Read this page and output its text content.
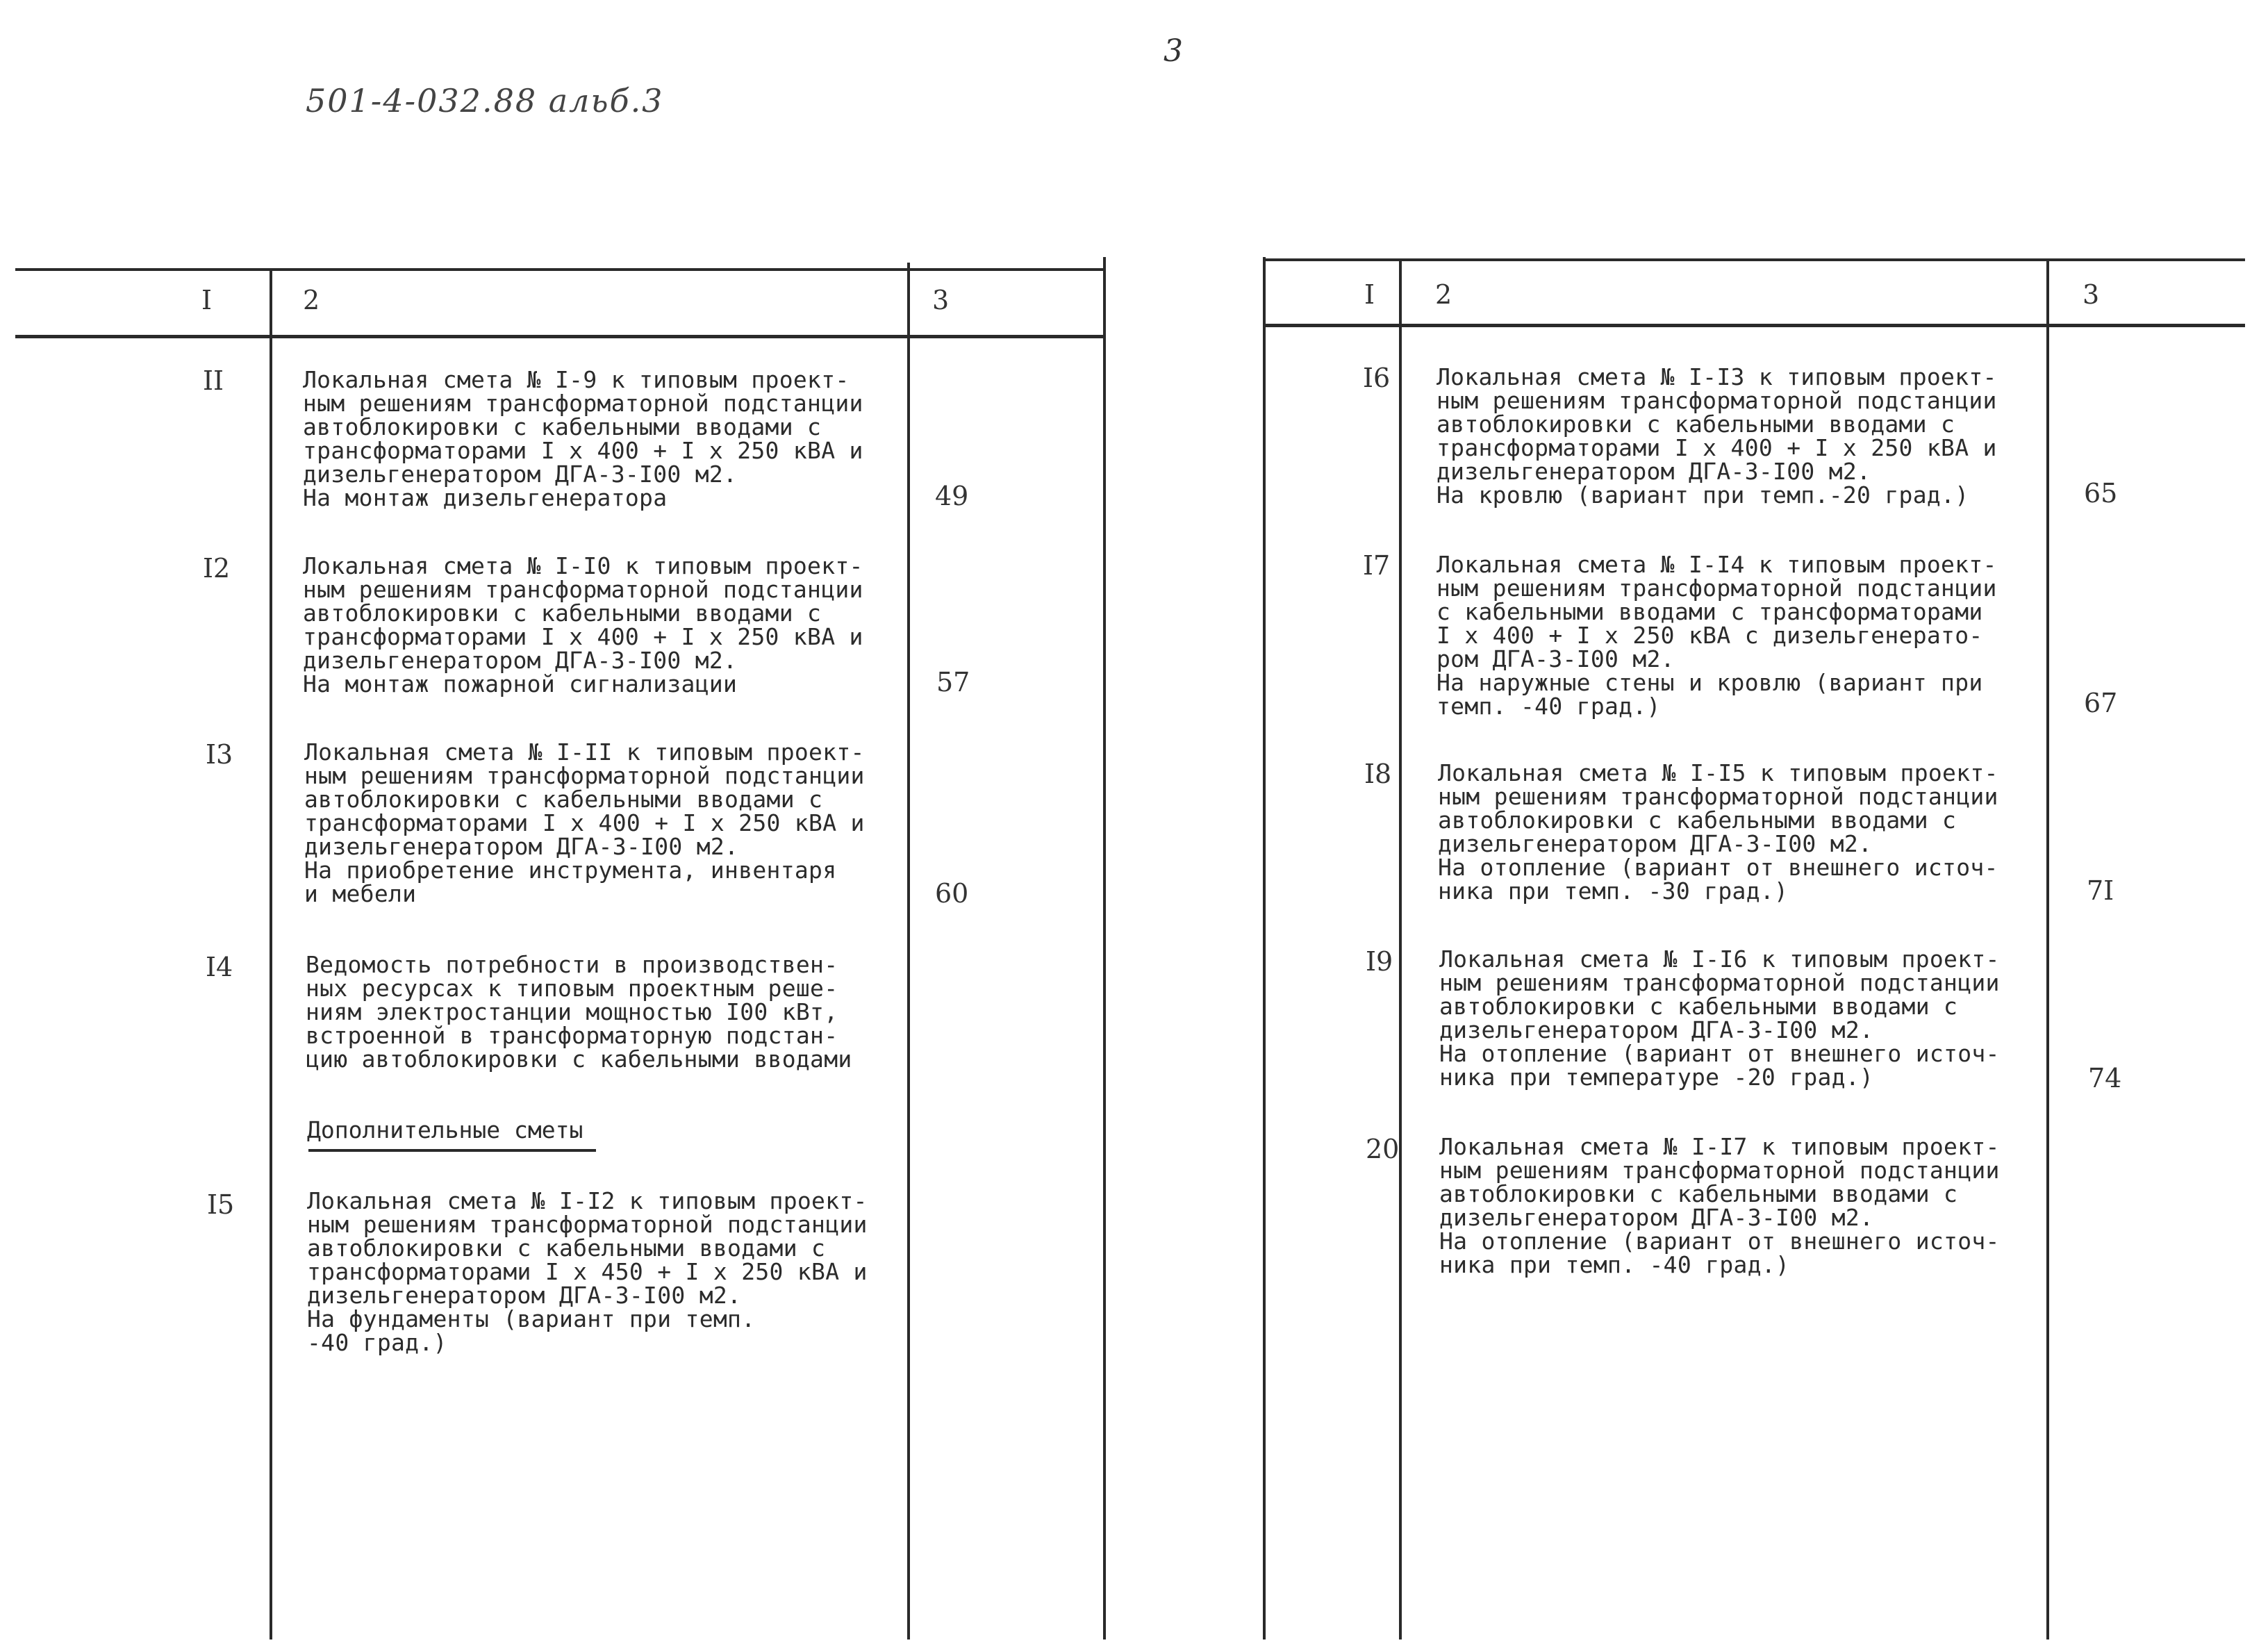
3
501-4-032.88 альб.3
I	2	3
II	Локальная смета № I-9 к типовым проект-
ным решениям трансформаторной подстанции
автоблокировки с кабельными вводами с
трансформаторами I х 400 + I х 250 кВА и
дизельгенератором ДГА-3-I00 м2.
На монтаж дизельгенератора	49
I2	Локальная смета № I-I0 к типовым проект-
ным решениям трансформаторной подстанции
автоблокировки с кабельными вводами с
трансформаторами I х 400 + I х 250 кВА и
дизельгенератором ДГА-3-I00 м2.
На монтаж пожарной сигнализации	57
I3	Локальная смета № I-II к типовым проект-
ным решениям трансформаторной подстанции
автоблокировки с кабельными вводами с
трансформаторами I х 400 + I х 250 кВА и
дизельгенератором ДГА-3-I00 м2.
На приобретение инструмента, инвентаря
и мебели	60
I4	Ведомость потребности в производствен-
ных ресурсах к типовым проектным реше-
ниям электростанции мощностью I00 кВт,
встроенной в трансформаторную подстан-
цию автоблокировки с кабельными вводами
Дополнительные сметы
I5	Локальная смета № I-I2 к типовым проект-
ным решениям трансформаторной подстанции
автоблокировки с кабельными вводами с
трансформаторами I х 450 + I х 250 кВА и
дизельгенератором ДГА-3-I00 м2.
На фундаменты (вариант при темп.
-40 град.)
I 2	3
I6 Локальная смета № I-I3 к типовым проект-
ным решениям трансформаторной подстанции
автоблокировки с кабельными вводами с
трансформаторами I х 400 + I х 250 кВА и
дизельгенератором ДГА-3-I00 м2.
На кровлю (вариант при темп.-20 град.)	65
I7 Локальная смета № I-I4 к типовым проект-
ным решениям трансформаторной подстанции
с кабельными вводами с трансформаторами
I х 400 + I х 250 кВА с дизельгенерато-
ром ДГА-3-I00 м2.
На наружные стены и кровлю (вариант при
темп. -40 град.)	67
I8 Локальная смета № I-I5 к типовым проект-
ным решениям трансформаторной подстанции
автоблокировки с кабельными вводами с
дизельгенератором ДГА-3-I00 м2.
На отопление (вариант от внешнего источ-
ника при темп. -30 град.)	7I
I9 Локальная смета № I-I6 к типовым проект-
ным решениям трансформаторной подстанции
автоблокировки с кабельными вводами с
дизельгенератором ДГА-3-I00 м2.
На отопление (вариант от внешнего источ-
ника при температуре -20 град.)	74
20 Локальная смета № I-I7 к типовым проект-
ным решениям трансформаторной подстанции
автоблокировки с кабельными вводами с
дизельгенератором ДГА-3-I00 м2.
На отопление (вариант от внешнего источ-
ника при темп. -40 град.)
